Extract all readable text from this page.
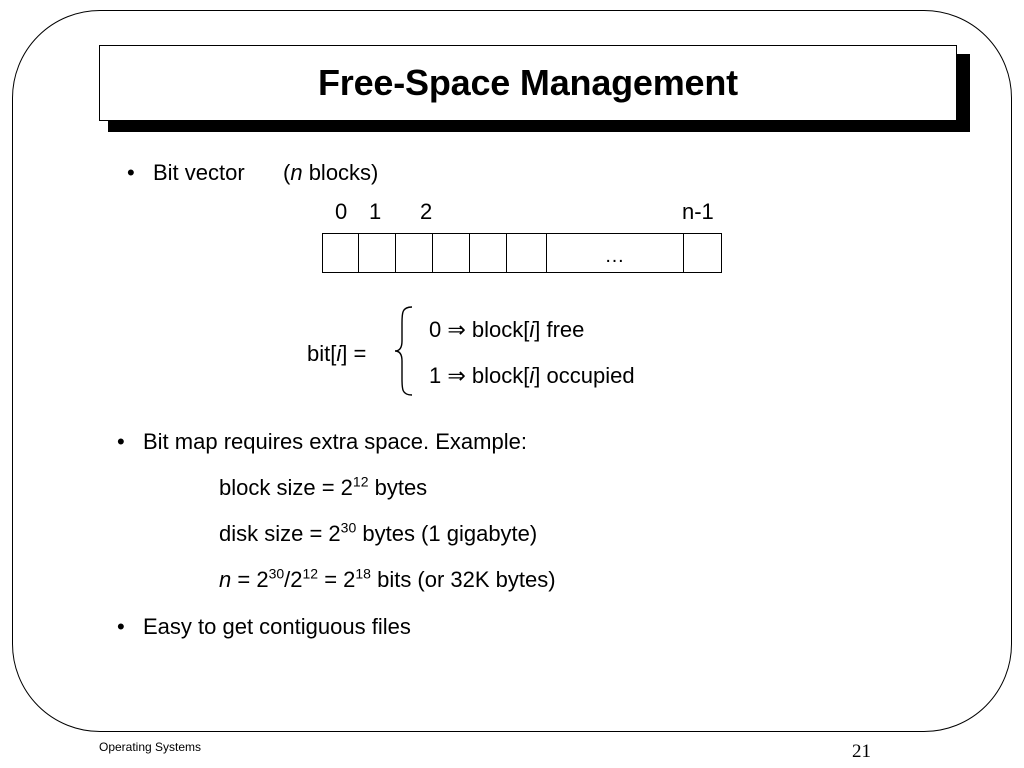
Free-Space Management
• Bit vector (n blocks)
0 1 2	n-1
…
bit[i] =
0 ⇒ block[i] free
1 ⇒ block[i] occupied
• Bit map requires extra space. Example:
block size = $2^{12}$ bytes
disk size = $2^{30}$ bytes (1 gigabyte)
$n = 2^{30}/2^{12} = 2^{18}$ bits (or 32K bytes)
• Easy to get contiguous files
Operating Systems	21
